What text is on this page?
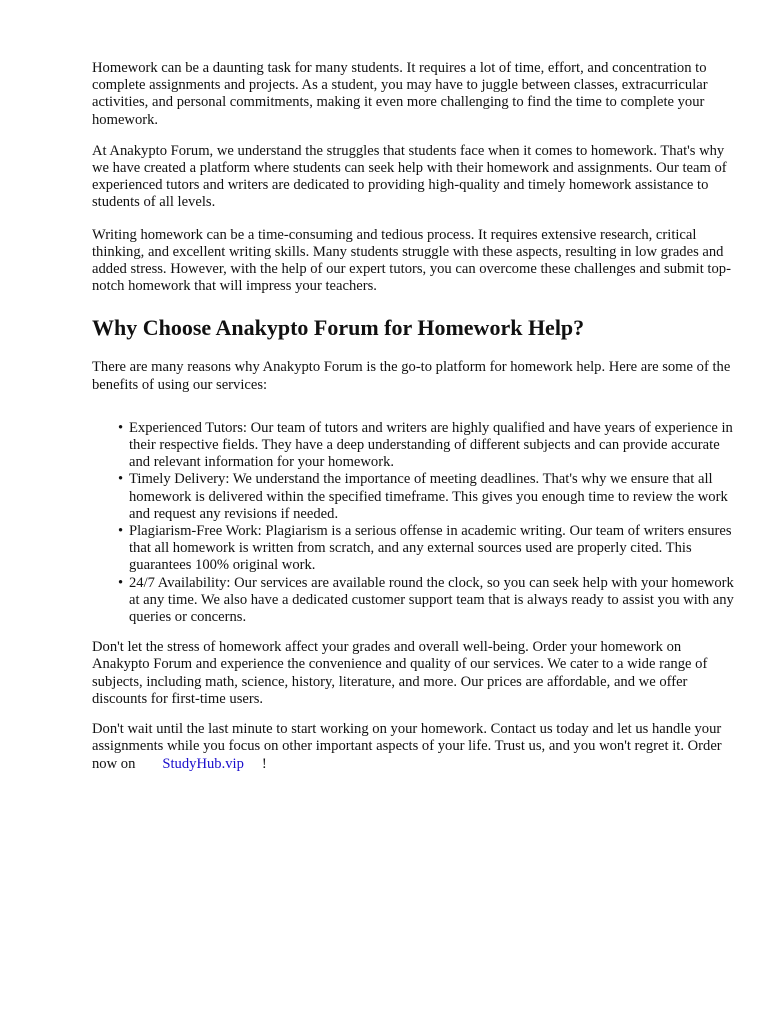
Homework can be a daunting task for many students. It requires a lot of time, effort, and concentration to complete assignments and projects. As a student, you may have to juggle between classes, extracurricular activities, and personal commitments, making it even more challenging to find the time to complete your homework.

At Anakypto Forum, we understand the struggles that students face when it comes to homework. That's why we have created a platform where students can seek help with their homework and assignments. Our team of experienced tutors and writers are dedicated to providing high-quality and timely homework assistance to students of all levels.

Writing homework can be a time-consuming and tedious process. It requires extensive research, critical thinking, and excellent writing skills. Many students struggle with these aspects, resulting in low grades and added stress. However, with the help of our expert tutors, you can overcome these challenges and submit top-notch homework that will impress your teachers.

Why Choose Anakypto Forum for Homework Help?

There are many reasons why Anakypto Forum is the go-to platform for homework help. Here are some of the benefits of using our services:

• Experienced Tutors: Our team of tutors and writers are highly qualified and have years of experience in their respective fields. They have a deep understanding of different subjects and can provide accurate and relevant information for your homework.
• Timely Delivery: We understand the importance of meeting deadlines. That's why we ensure that all homework is delivered within the specified timeframe. This gives you enough time to review the work and request any revisions if needed.
• Plagiarism-Free Work: Plagiarism is a serious offense in academic writing. Our team of writers ensures that all homework is written from scratch, and any external sources used are properly cited. This guarantees 100% original work.
• 24/7 Availability: Our services are available round the clock, so you can seek help with your homework at any time. We also have a dedicated customer support team that is always ready to assist you with any queries or concerns.

Don't let the stress of homework affect your grades and overall well-being. Order your homework on Anakypto Forum and experience the convenience and quality of our services. We cater to a wide range of subjects, including math, science, history, literature, and more. Our prices are affordable, and we offer discounts for first-time users.

Don't wait until the last minute to start working on your homework. Contact us today and let us handle your assignments while you focus on other important aspects of your life. Trust us, and you won't regret it. Order now on StudyHub.vip !
